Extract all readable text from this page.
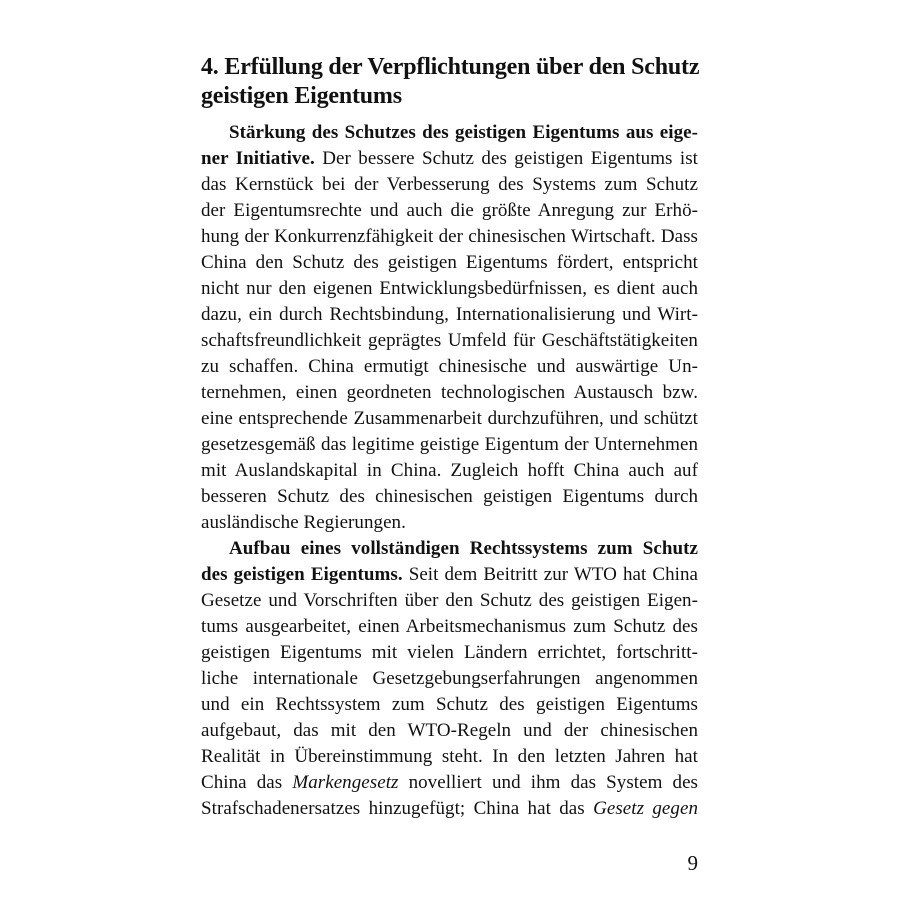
4. Erfüllung der Verpflichtungen über den Schutz
geistigen Eigentums
Stärkung des Schutzes des geistigen Eigentums aus eige-
ner Initiative. Der bessere Schutz des geistigen Eigentums ist
das Kernstück bei der Verbesserung des Systems zum Schutz
der Eigentumsrechte und auch die größte Anregung zur Erhö-
hung der Konkurrenzfähigkeit der chinesischen Wirtschaft. Dass
China den Schutz des geistigen Eigentums fördert, entspricht
nicht nur den eigenen Entwicklungsbedürfnissen, es dient auch
dazu, ein durch Rechtsbindung, Internationalisierung und Wirt-
schaftsfreundlichkeit geprägtes Umfeld für Geschäftstätigkeiten
zu schaffen. China ermutigt chinesische und auswärtige Un-
ternehmen, einen geordneten technologischen Austausch bzw.
eine entsprechende Zusammenarbeit durchzuführen, und schützt
gesetzesgemäß das legitime geistige Eigentum der Unternehmen
mit Auslandskapital in China. Zugleich hofft China auch auf
besseren Schutz des chinesischen geistigen Eigentums durch
ausländische Regierungen.
Aufbau eines vollständigen Rechtssystems zum Schutz
des geistigen Eigentums. Seit dem Beitritt zur WTO hat China
Gesetze und Vorschriften über den Schutz des geistigen Eigen-
tums ausgearbeitet, einen Arbeitsmechanismus zum Schutz des
geistigen Eigentums mit vielen Ländern errichtet, fortschritt-
liche internationale Gesetzgebungserfahrungen angenommen
und ein Rechtssystem zum Schutz des geistigen Eigentums
aufgebaut, das mit den WTO-Regeln und der chinesischen
Realität in Übereinstimmung steht. In den letzten Jahren hat
China das Markengesetz novelliert und ihm das System des
Strafschadenersatzes hinzugefügt; China hat das Gesetz gegen
9
